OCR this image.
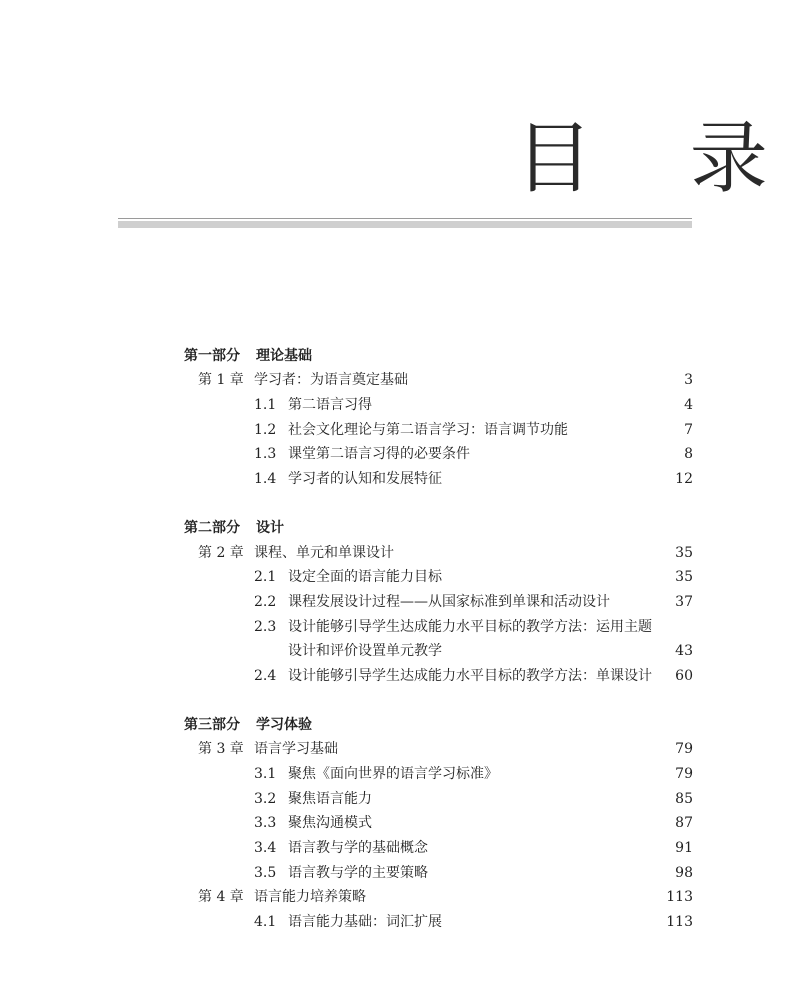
目 录
第一部分 理论基础
第 1 章 学习者：为语言奠定基础	3
1.1 第二语言习得	4
1.2 社会文化理论与第二语言学习：语言调节功能	7
1.3 课堂第二语言习得的必要条件	8
1.4 学习者的认知和发展特征	12
第二部分 设计
第 2 章 课程、单元和单课设计	35
2.1 设定全面的语言能力目标	35
2.2 课程发展设计过程——从国家标准到单课和活动设计	37
2.3 设计能够引导学生达成能力水平目标的教学方法：运用主题
设计和评价设置单元教学	43
2.4 设计能够引导学生达成能力水平目标的教学方法：单课设计 60
第三部分 学习体验
第 3 章 语言学习基础	79
3.1 聚焦《面向世界的语言学习标准》	79
3.2 聚焦语言能力	85
3.3 聚焦沟通模式	87
3.4 语言教与学的基础概念	91
3.5 语言教与学的主要策略	98
第 4 章 语言能力培养策略	113
4.1 语言能力基础：词汇扩展	113
